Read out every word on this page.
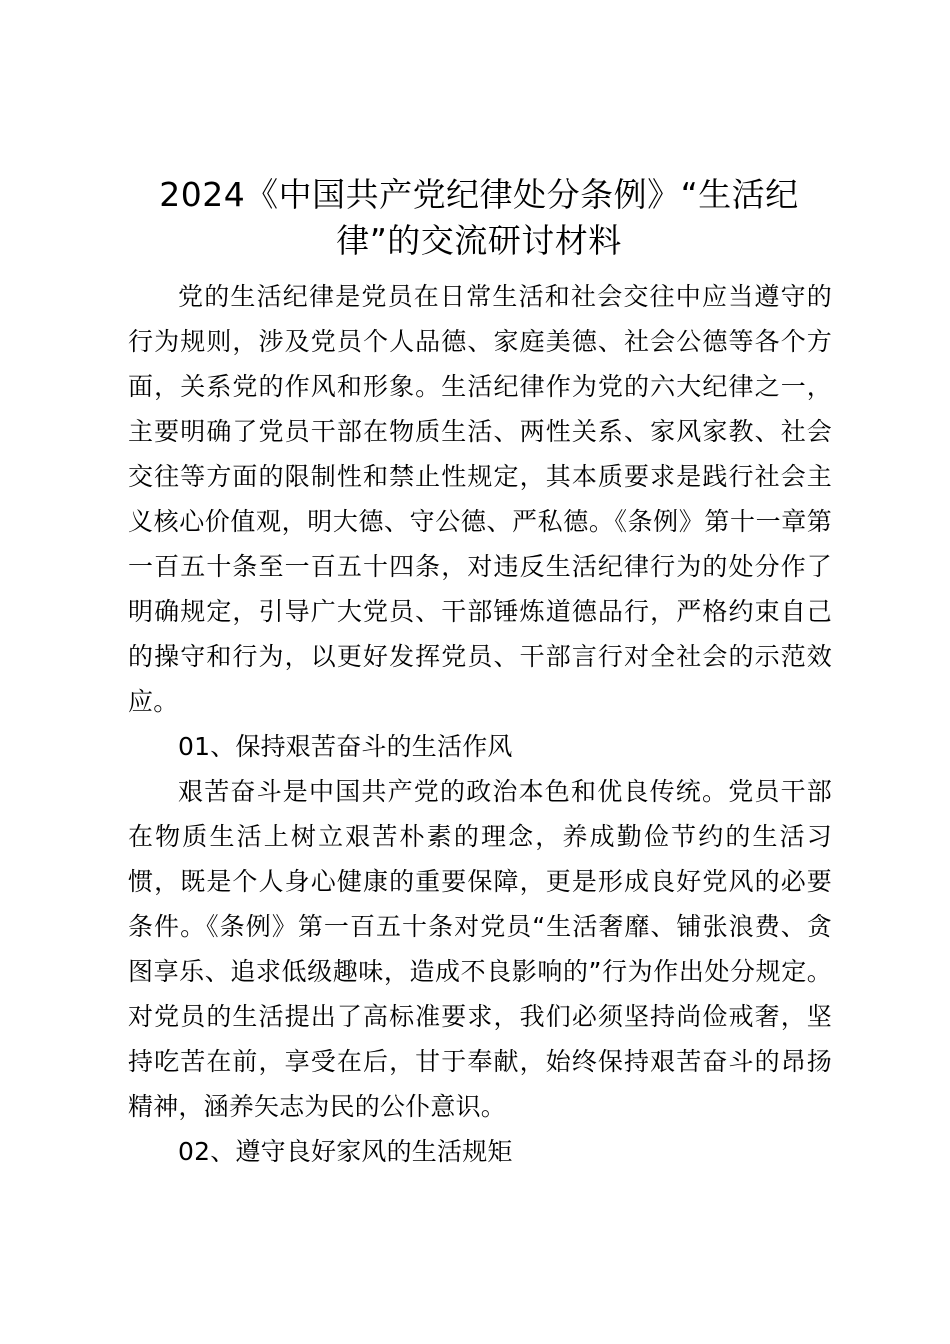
2024《中国共产党纪律处分条例》“生活纪律”的交流研讨材料

党的生活纪律是党员在日常生活和社会交往中应当遵守的行为规则，涉及党员个人品德、家庭美德、社会公德等各个方面，关系党的作风和形象。生活纪律作为党的六大纪律之一，主要明确了党员干部在物质生活、两性关系、家风家教、社会交往等方面的限制性和禁止性规定，其本质要求是践行社会主义核心价值观，明大德、守公德、严私德。《条例》第十一章第一百五十条至一百五十四条，对违反生活纪律行为的处分作了明确规定，引导广大党员、干部锤炼道德品行，严格约束自己的操守和行为，以更好发挥党员、干部言行对全社会的示范效应。

01、保持艰苦奋斗的生活作风

艰苦奋斗是中国共产党的政治本色和优良传统。党员干部在物质生活上树立艰苦朴素的理念，养成勤俭节约的生活习惯，既是个人身心健康的重要保障，更是形成良好党风的必要条件。《条例》第一百五十条对党员“生活奢靡、铺张浪费、贪图享乐、追求低级趣味，造成不良影响的”行为作出处分规定。对党员的生活提出了高标准要求，我们必须坚持尚俭戒奢，坚持吃苦在前，享受在后，甘于奉献，始终保持艰苦奋斗的昂扬精神，涵养矢志为民的公仆意识。

02、遵守良好家风的生活规矩
